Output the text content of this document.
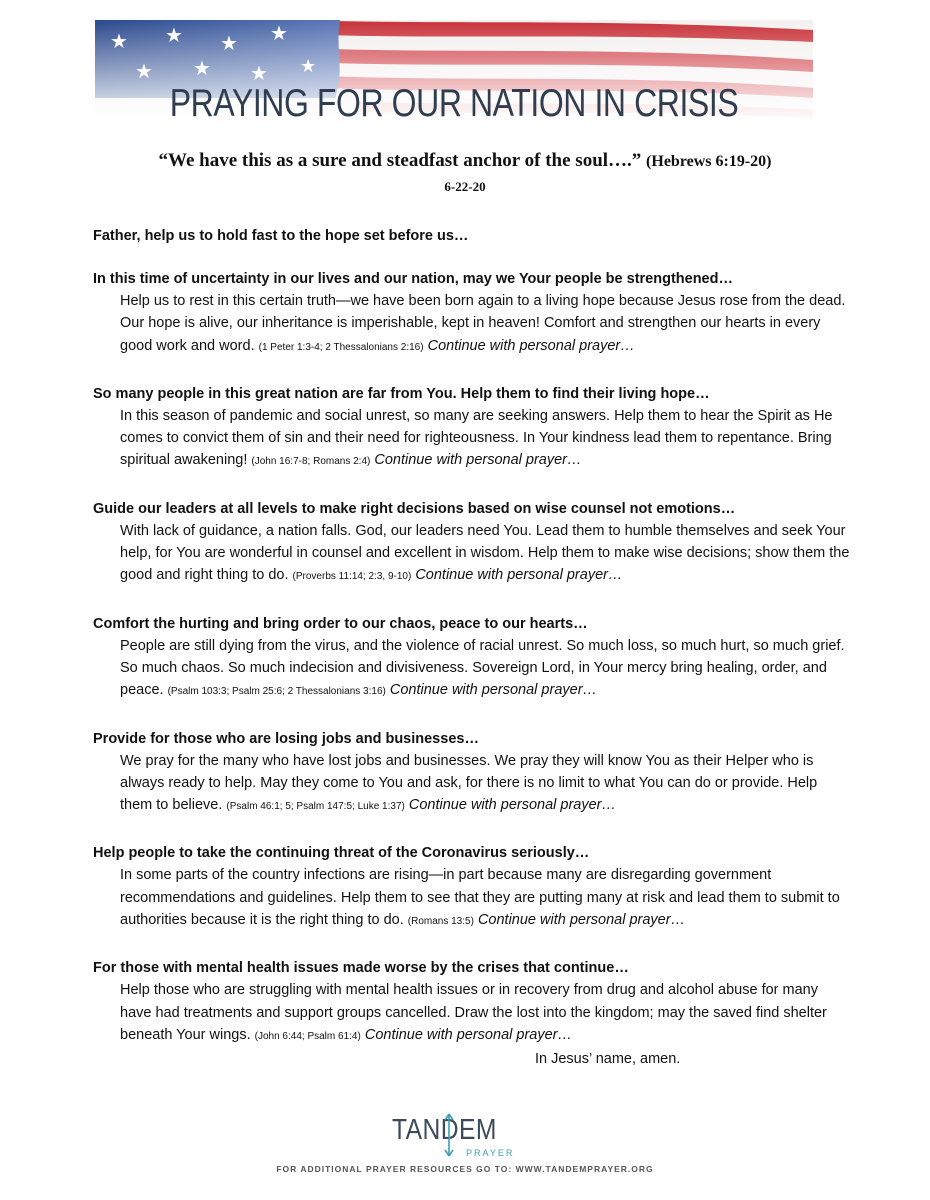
PRAYING FOR OUR NATION IN CRISIS
“We have this as a sure and steadfast anchor of the soul….” (Hebrews 6:19-20)
6-22-20
Father, help us to hold fast to the hope set before us…
In this time of uncertainty in our lives and our nation, may we Your people be strengthened…

Help us to rest in this certain truth—we have been born again to a living hope because Jesus rose from the dead. Our hope is alive, our inheritance is imperishable, kept in heaven! Comfort and strengthen our hearts in every good work and word. (1 Peter 1:3-4; 2 Thessalonians 2:16) Continue with personal prayer…

So many people in this great nation are far from You. Help them to find their living hope…

In this season of pandemic and social unrest, so many are seeking answers. Help them to hear the Spirit as He comes to convict them of sin and their need for righteousness. In Your kindness lead them to repentance. Bring spiritual awakening! (John 16:7-8; Romans 2:4) Continue with personal prayer…

Guide our leaders at all levels to make right decisions based on wise counsel not emotions…

With lack of guidance, a nation falls. God, our leaders need You. Lead them to humble themselves and seek Your help, for You are wonderful in counsel and excellent in wisdom. Help them to make wise decisions; show them the good and right thing to do. (Proverbs 11:14; 2:3, 9-10) Continue with personal prayer…

Comfort the hurting and bring order to our chaos, peace to our hearts…

People are still dying from the virus, and the violence of racial unrest. So much loss, so much hurt, so much grief. So much chaos. So much indecision and divisiveness. Sovereign Lord, in Your mercy bring healing, order, and peace. (Psalm 103:3; Psalm 25:6; 2 Thessalonians 3:16) Continue with personal prayer…

Provide for those who are losing jobs and businesses…

We pray for the many who have lost jobs and businesses. We pray they will know You as their Helper who is always ready to help. May they come to You and ask, for there is no limit to what You can do or provide. Help them to believe. (Psalm 46:1; 5; Psalm 147:5; Luke 1:37) Continue with personal prayer…

Help people to take the continuing threat of the Coronavirus seriously…

In some parts of the country infections are rising—in part because many are disregarding government recommendations and guidelines. Help them to see that they are putting many at risk and lead them to submit to authorities because it is the right thing to do. (Romans 13:5) Continue with personal prayer…

For those with mental health issues made worse by the crises that continue…

Help those who are struggling with mental health issues or in recovery from drug and alcohol abuse for many have had treatments and support groups cancelled. Draw the lost into the kingdom; may the saved find shelter beneath Your wings. (John 6:44; Psalm 61:4) Continue with personal prayer…

In Jesus’ name, amen.
TANDEM
PRAYER
FOR ADDITIONAL PRAYER RESOURCES GO TO: WWW.TANDEMPRAYER.ORG
